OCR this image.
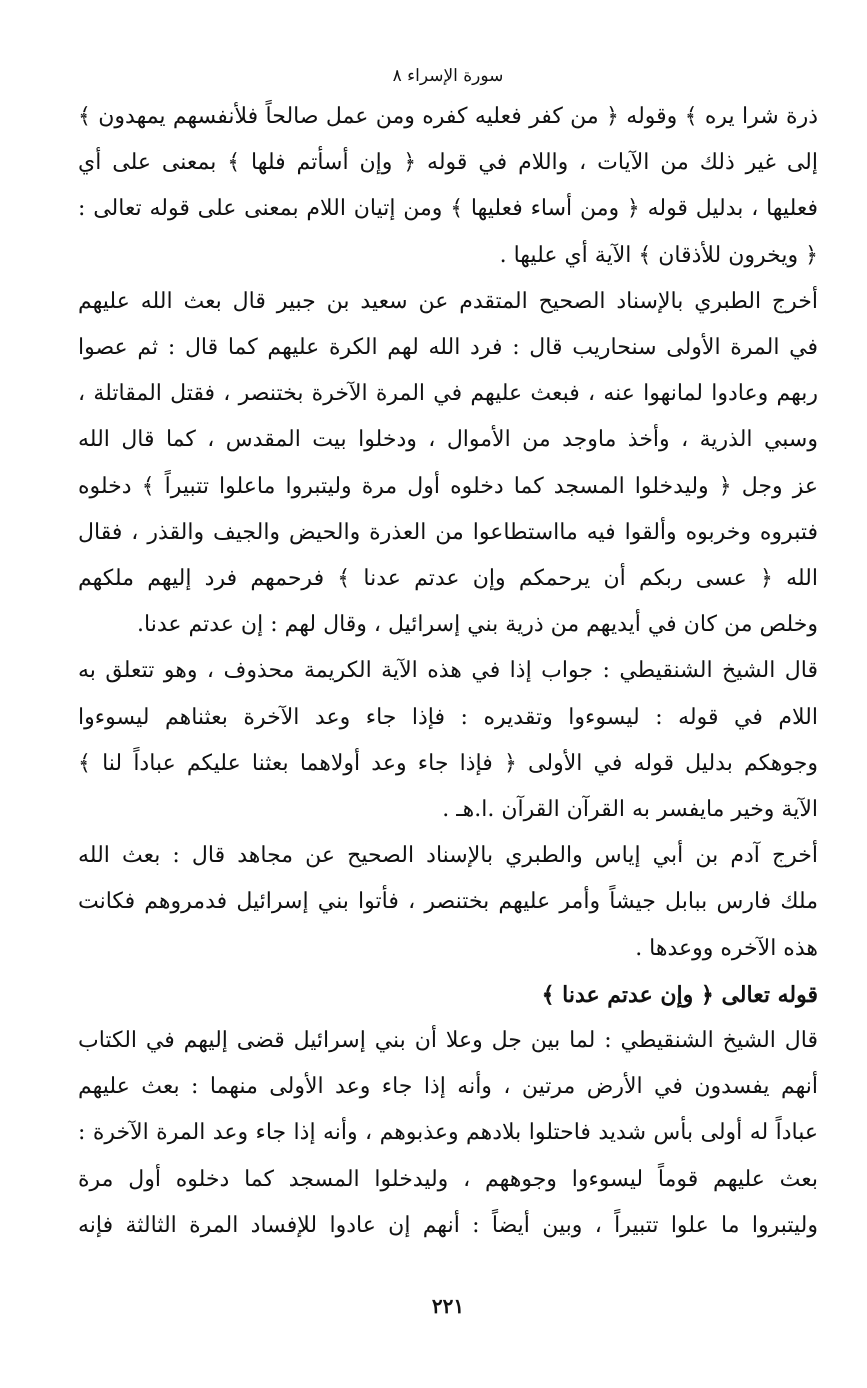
سورة الإسراء ٨
ذرة شرا يره ﴾ وقوله ﴿ من كفر فعليه كفره ومن عمل صالحاً فلأنفسهم يمهدون ﴾
إلى غير ذلك من الآيات ، واللام في قوله ﴿ وإن أسأتم فلها ﴾ بمعنى على أي
فعليها ، بدليل قوله ﴿ ومن أساء فعليها ﴾ ومن إتيان اللام بمعنى على قوله تعالى :
﴿ ويخرون للأذقان ﴾ الآية أي عليها .
أخرج الطبري بالإسناد الصحيح المتقدم عن سعيد بن جبير قال بعث الله عليهم
في المرة الأولى سنحاريب قال : فرد الله لهم الكرة عليهم كما قال : ثم عصوا
ربهم وعادوا لمانهوا عنه ، فبعث عليهم في المرة الآخرة بختنصر ، فقتل المقاتلة ،
وسبي الذرية ، وأخذ ماوجد من الأموال ، ودخلوا بيت المقدس ، كما قال الله
عز وجل ﴿ وليدخلوا المسجد كما دخلوه أول مرة وليتبروا ماعلوا تتبيراً ﴾ دخلوه
فتبروه وخربوه وألقوا فيه مااستطاعوا من العذرة والحيض والجيف والقذر ، فقال
الله ﴿ عسى ربكم أن يرحمكم وإن عدتم عدنا ﴾ فرحمهم فرد إليهم ملكهم
وخلص من كان في أيديهم من ذرية بني إسرائيل ، وقال لهم : إن عدتم عدنا.
قال الشيخ الشنقيطي : جواب إذا في هذه الآية الكريمة محذوف ، وهو تتعلق به
اللام في قوله : ليسوءوا وتقديره : فإذا جاء وعد الآخرة بعثناهم ليسوءوا
وجوهكم بدليل قوله في الأولى ﴿ فإذا جاء وعد أولاهما بعثنا عليكم عباداً لنا ﴾
الآية وخير مايفسر به القرآن القرآن .ا.هـ .
أخرج آدم بن أبي إياس والطبري بالإسناد الصحيح عن مجاهد قال : بعث الله
ملك فارس ببابل جيشاً وأمر عليهم بختنصر ، فأتوا بني إسرائيل فدمروهم فكانت
هذه الآخره ووعدها .
قوله تعالى ﴿ وإن عدتم عدنا ﴾
قال الشيخ الشنقيطي : لما بين جل وعلا أن بني إسرائيل قضى إليهم في الكتاب
أنهم يفسدون في الأرض مرتين ، وأنه إذا جاء وعد الأولى منهما : بعث عليهم
عباداً له أولى بأس شديد فاحتلوا بلادهم وعذبوهم ، وأنه إذا جاء وعد المرة الآخرة :
بعث عليهم قوماً ليسوءوا وجوههم ، وليدخلوا المسجد كما دخلوه أول مرة
وليتبروا ما علوا تتبيراً ، وبين أيضاً : أنهم إن عادوا للإفساد المرة الثالثة فإنه
٢٢١
